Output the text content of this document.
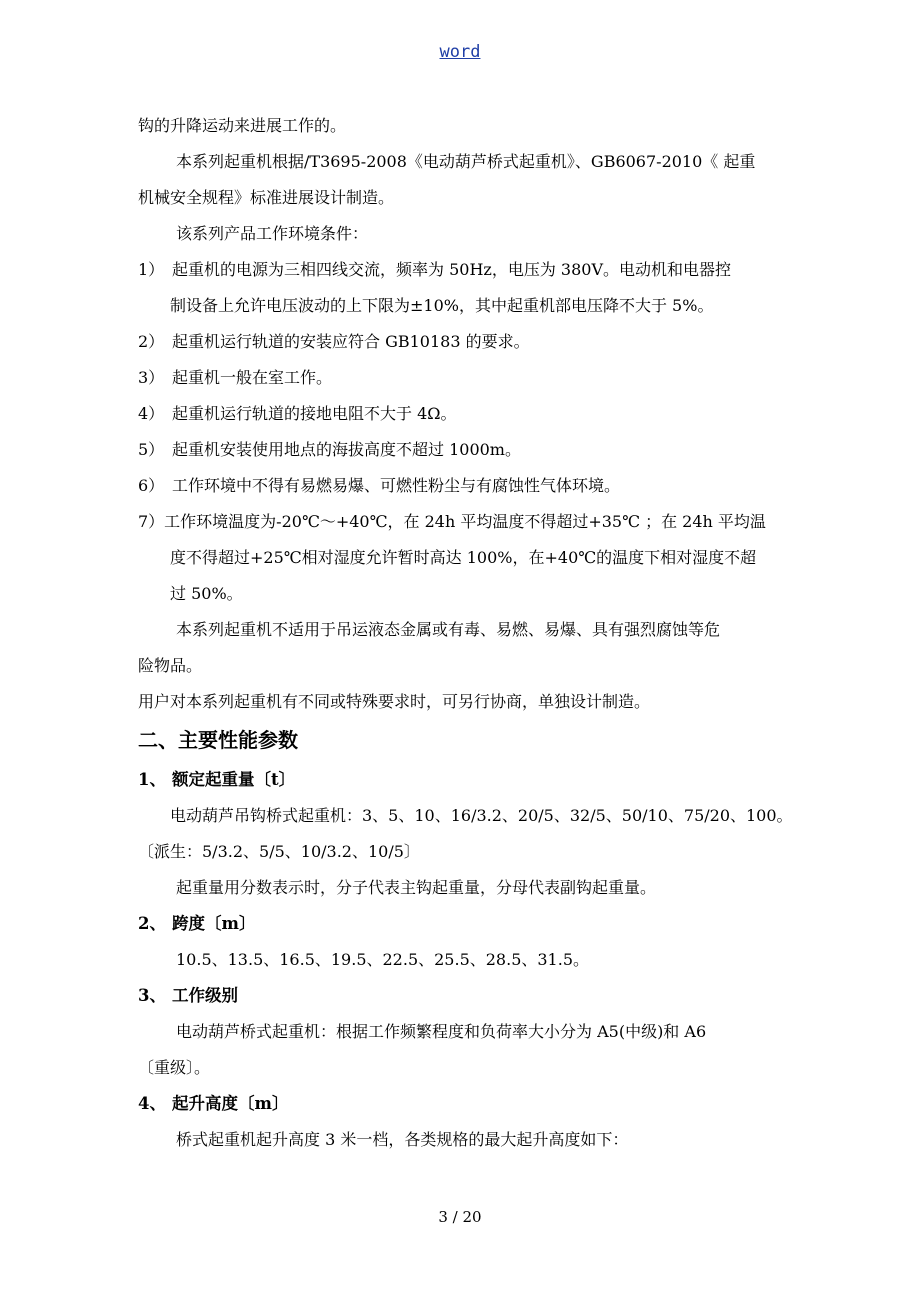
word
钩的升降运动来进展工作的。
本系列起重机根据/T3695-2008《电动葫芦桥式起重机》、GB6067-2010《 起重
机械安全规程》标准进展设计制造。
该系列产品工作环境条件：
1） 起重机的电源为三相四线交流，频率为 50Hz，电压为 380V。电动机和电器控
制设备上允许电压波动的上下限为±10%，其中起重机部电压降不大于 5%。
2） 起重机运行轨道的安装应符合 GB10183 的要求。
3） 起重机一般在室工作。
4） 起重机运行轨道的接地电阻不大于 4Ω。
5） 起重机安装使用地点的海拔高度不超过 1000m。
6） 工作环境中不得有易燃易爆、可燃性粉尘与有腐蚀性气体环境。
7）工作环境温度为-20℃～+40℃，在 24h 平均温度不得超过+35℃ ；在 24h 平均温
度不得超过+25℃相对湿度允许暂时高达 100%，在+40℃的温度下相对湿度不超
过 50%。
本系列起重机不适用于吊运液态金属或有毒、易燃、易爆、具有强烈腐蚀等危
险物品。
用户对本系列起重机有不同或特殊要求时，可另行协商，单独设计制造。
二、主要性能参数
1、 额定起重量〔t〕
电动葫芦吊钩桥式起重机：3、5、10、16/3.2、20/5、32/5、50/10、75/20、100。
〔派生：5/3.2、5/5、10/3.2、10/5〕
起重量用分数表示时，分子代表主钩起重量，分母代表副钩起重量。
2、 跨度〔m〕
10.5、13.5、16.5、19.5、22.5、25.5、28.5、31.5。
3、 工作级别
电动葫芦桥式起重机：根据工作频繁程度和负荷率大小分为 A5(中级)和 A6
〔重级〕。
4、 起升高度〔m〕
桥式起重机起升高度 3 米一档，各类规格的最大起升高度如下：
3 / 20
